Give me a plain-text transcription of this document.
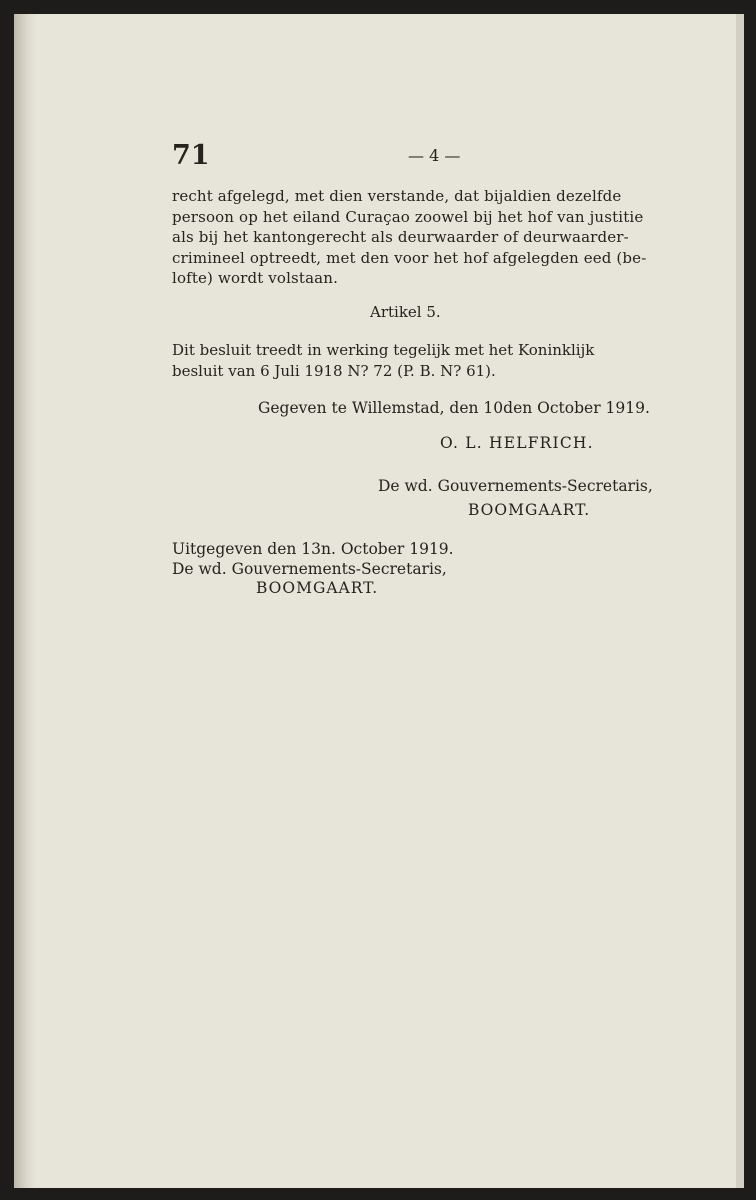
71	— 4 —
recht afgelegd, met dien verstande, dat bijaldien dezelfde
persoon op het eiland Curaçao zoowel bij het hof van justitie
als bij het kantongerecht als deurwaarder of deurwaarder-
crimineel optreedt, met den voor het hof afgelegden eed (be-
lofte) wordt volstaan.
Artikel 5.
Dit besluit treedt in werking tegelijk met het Koninklijk
besluit van 6 Juli 1918 N? 72 (P. B. N? 61).
Gegeven te Willemstad, den 10den October 1919.
O. L. HELFRICH.
De wd. Gouvernements-Secretaris,
BOOMGAART.
Uitgegeven den 13n. October 1919.
De wd. Gouvernements-Secretaris,
BOOMGAART.
